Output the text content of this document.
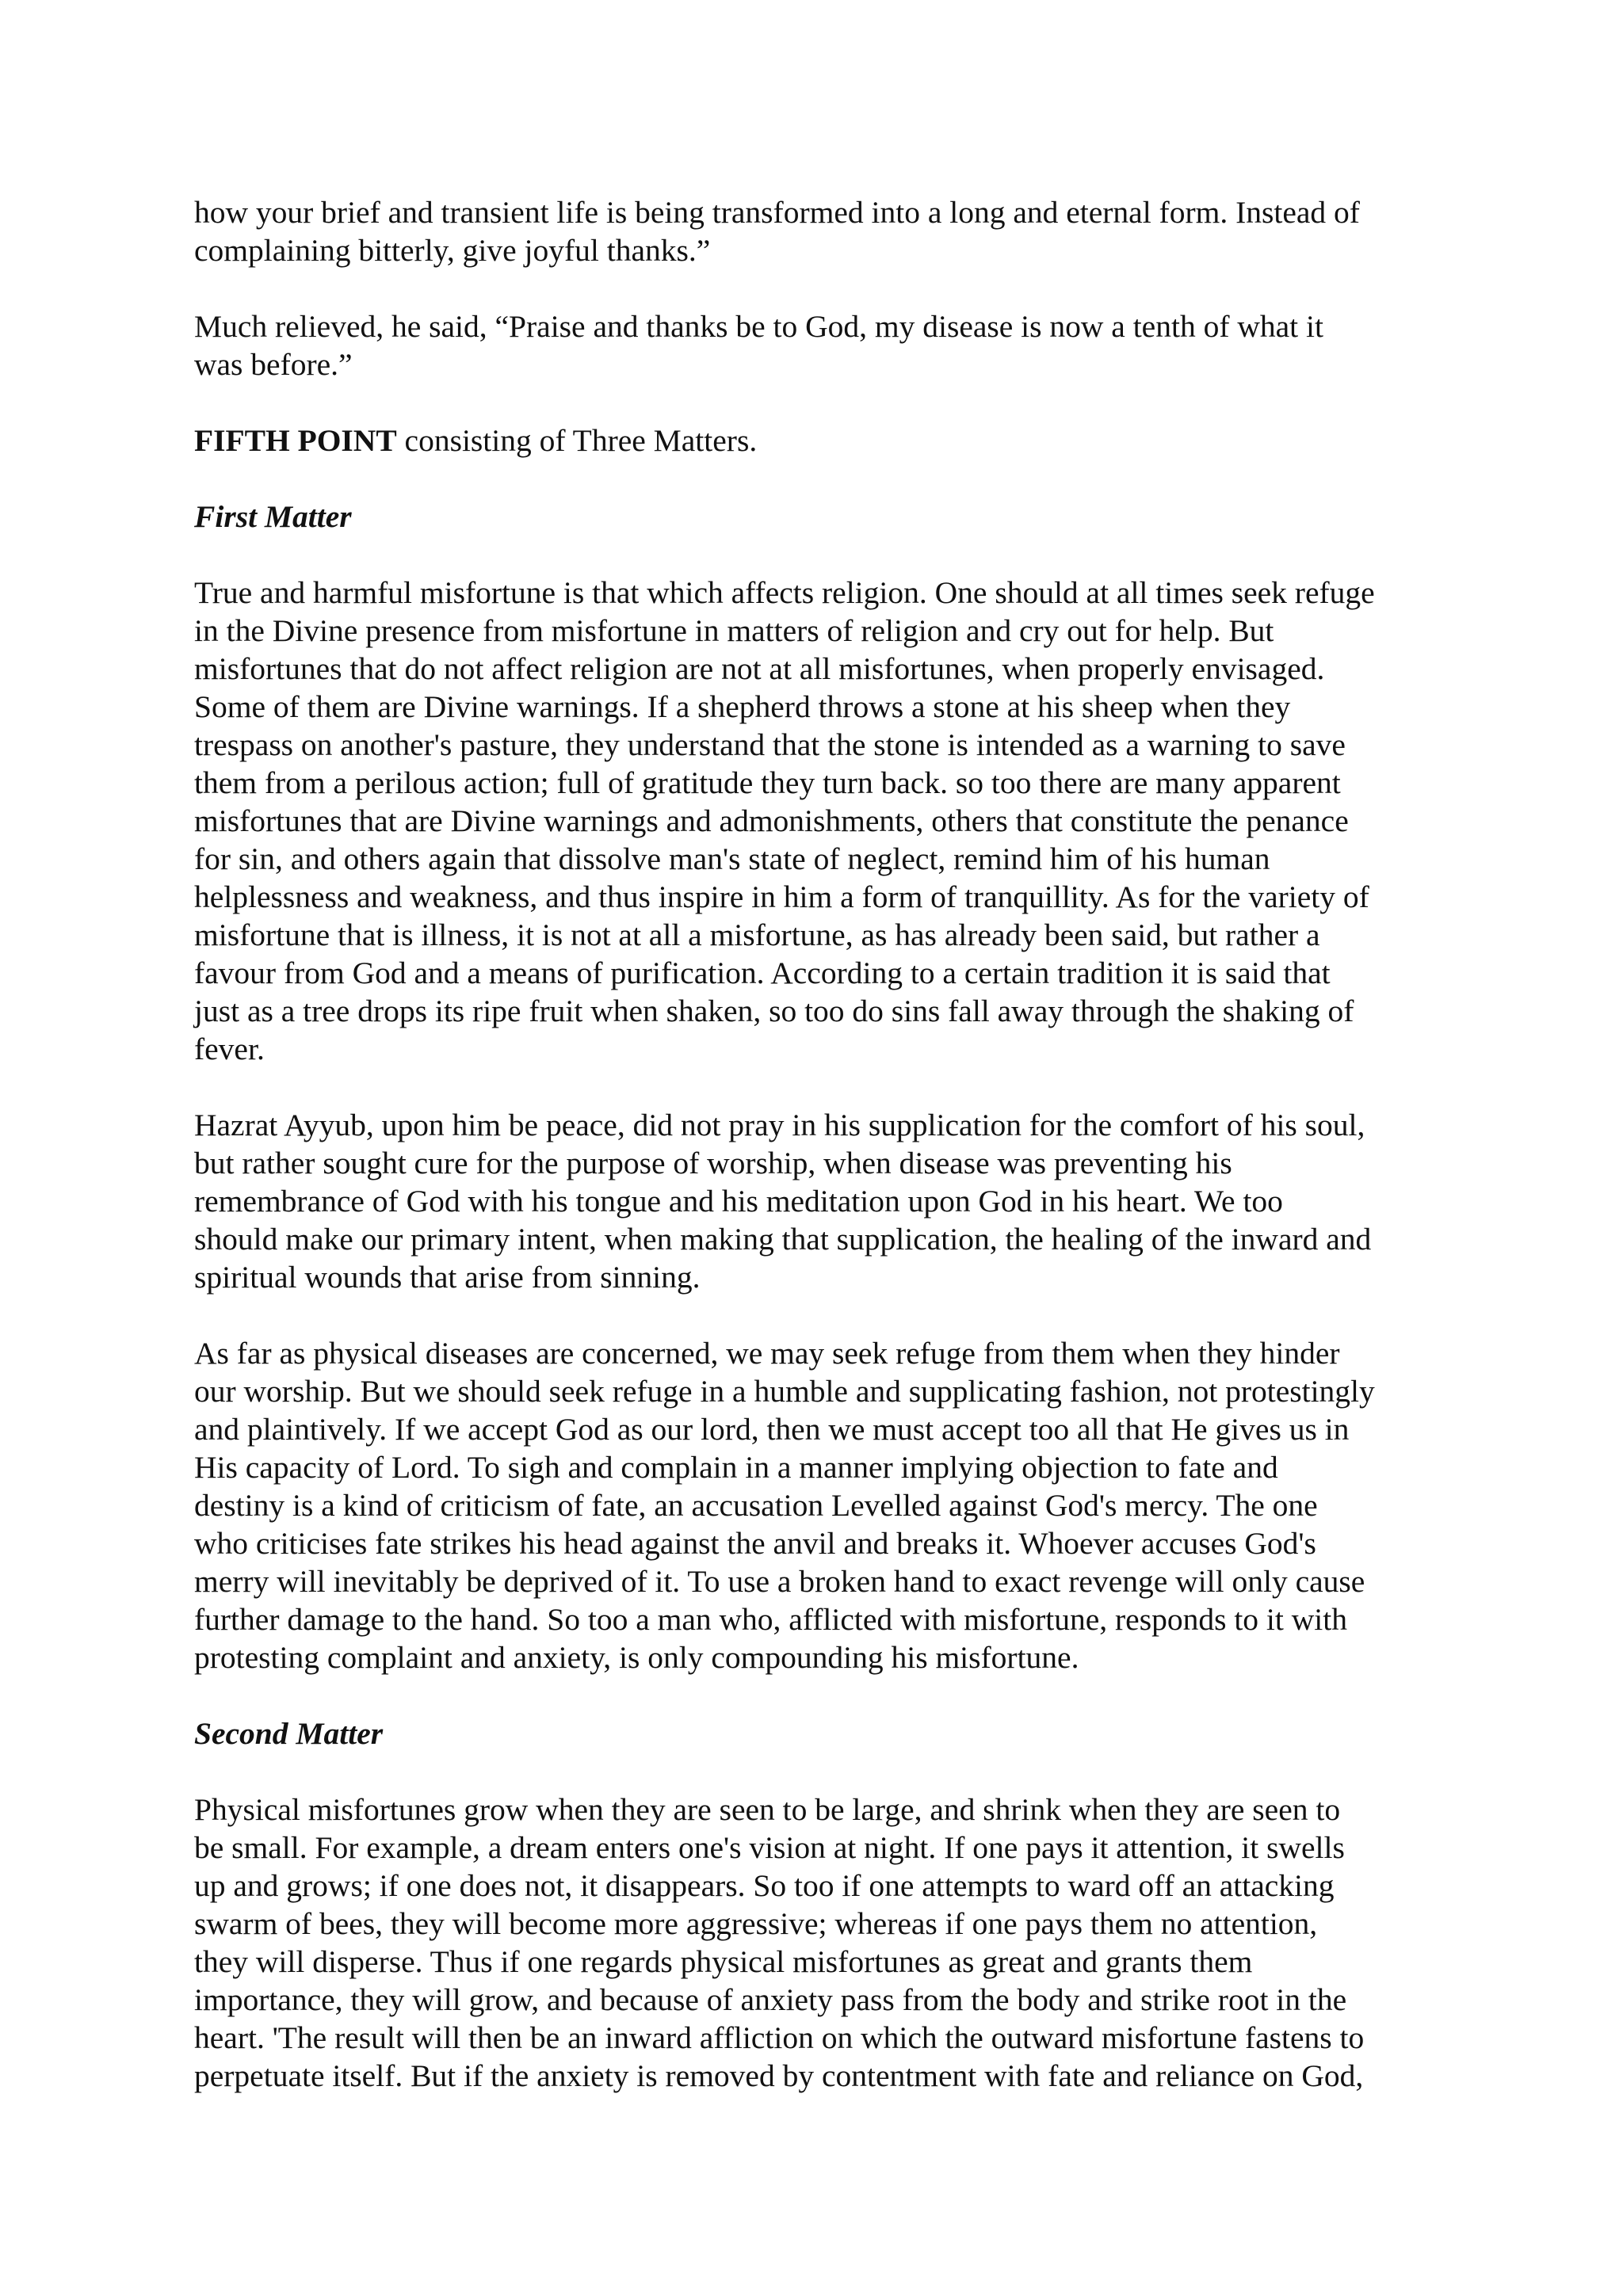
how your brief and transient life is being transformed into a long and eternal form. Instead of
complaining bitterly, give joyful thanks.”

Much relieved, he said, “Praise and thanks be to God, my disease is now a tenth of what it
was before.”

FIFTH POINT consisting of Three Matters.

First Matter

True and harmful misfortune is that which affects religion. One should at all times seek refuge
in the Divine presence from misfortune in matters of religion and cry out for help. But
misfortunes that do not affect religion are not at all misfortunes, when properly envisaged.
Some of them are Divine warnings. If a shepherd throws a stone at his sheep when they
trespass on another's pasture, they understand that the stone is intended as a warning to save
them from a perilous action; full of gratitude they turn back. so too there are many apparent
misfortunes that are Divine warnings and admonishments, others that constitute the penance
for sin, and others again that dissolve man's state of neglect, remind him of his human
helplessness and weakness, and thus inspire in him a form of tranquillity. As for the variety of
misfortune that is illness, it is not at all a misfortune, as has already been said, but rather a
favour from God and a means of purification. According to a certain tradition it is said that
just as a tree drops its ripe fruit when shaken, so too do sins fall away through the shaking of
fever.

Hazrat Ayyub, upon him be peace, did not pray in his supplication for the comfort of his soul,
but rather sought cure for the purpose of worship, when disease was preventing his
remembrance of God with his tongue and his meditation upon God in his heart. We too
should make our primary intent, when making that supplication, the healing of the inward and
spiritual wounds that arise from sinning.

As far as physical diseases are concerned, we may seek refuge from them when they hinder
our worship. But we should seek refuge in a humble and supplicating fashion, not protestingly
and plaintively. If we accept God as our lord, then we must accept too all that He gives us in
His capacity of Lord. To sigh and complain in a manner implying objection to fate and
destiny is a kind of criticism of fate, an accusation Levelled against God's mercy. The one
who criticises fate strikes his head against the anvil and breaks it. Whoever accuses God's
merry will inevitably be deprived of it. To use a broken hand to exact revenge will only cause
further damage to the hand. So too a man who, afflicted with misfortune, responds to it with
protesting complaint and anxiety, is only compounding his misfortune.

Second Matter

Physical misfortunes grow when they are seen to be large, and shrink when they are seen to
be small. For example, a dream enters one's vision at night. If one pays it attention, it swells
up and grows; if one does not, it disappears. So too if one attempts to ward off an attacking
swarm of bees, they will become more aggressive; whereas if one pays them no attention,
they will disperse. Thus if one regards physical misfortunes as great and grants them
importance, they will grow, and because of anxiety pass from the body and strike root in the
heart. 'The result will then be an inward affliction on which the outward misfortune fastens to
perpetuate itself. But if the anxiety is removed by contentment with fate and reliance on God,
